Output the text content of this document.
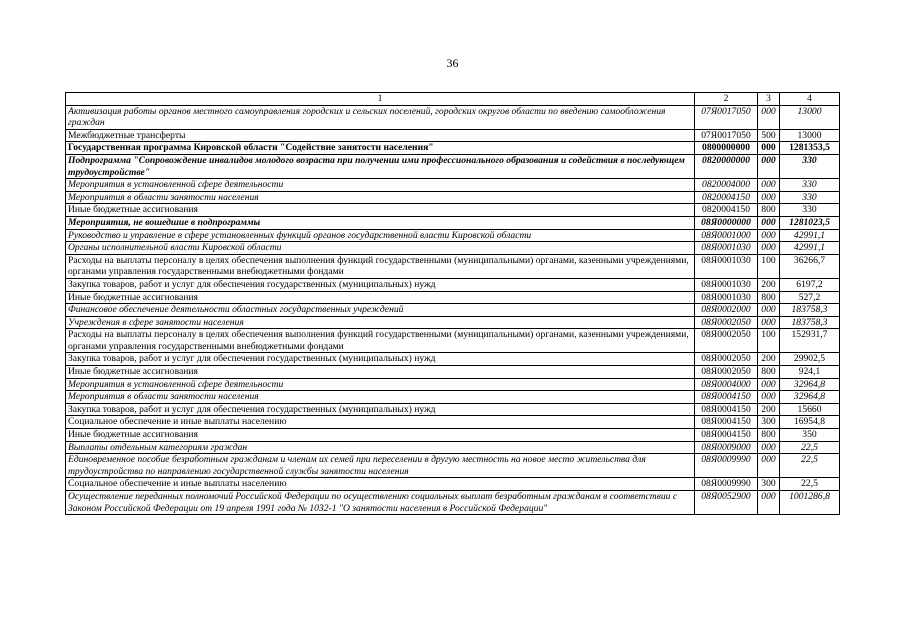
36
1	2	3	4
Активизация работы органов местного самоуправления городских и сельских поселений, городских округов области по введению самообложения граждан	07Я0017050	000	13000
Межбюджетные трансферты	07Я0017050	500	13000
Государственная программа Кировской области "Содействие занятости населения"	0800000000	000	1281353,5
Подпрограмма "Сопровождение инвалидов молодого возраста при получении ими профессионального образования и содействия в последующем трудоустройстве"	0820000000	000	330
Мероприятия в установленной сфере деятельности	0820004000	000	330
Мероприятия в области занятости населения	0820004150	000	330
Иные бюджетные ассигнования	0820004150	800	330
Мероприятия, не вошедшие в подпрограммы	08Я0000000	000	1281023,5
Руководство и управление в сфере установленных функций органов государственной власти Кировской области	08Я0001000	000	42991,1
Органы исполнительной власти Кировской области	08Я0001030	000	42991,1
Расходы на выплаты персоналу в целях обеспечения выполнения функций государственными (муниципальными) органами, казенными учреждениями, органами управления государственными внебюджетными фондами	08Я0001030	100	36266,7
Закупка товаров, работ и услуг для обеспечения государственных (муниципальных) нужд	08Я0001030	200	6197,2
Иные бюджетные ассигнования	08Я0001030	800	527,2
Финансовое обеспечение деятельности областных государственных учреждений	08Я0002000	000	183758,3
Учреждения в сфере занятости населения	08Я0002050	000	183758,3
Расходы на выплаты персоналу в целях обеспечения выполнения функций государственными (муниципальными) органами, казенными учреждениями, органами управления государственными внебюджетными фондами	08Я0002050	100	152931,7
Закупка товаров, работ и услуг для обеспечения государственных (муниципальных) нужд	08Я0002050	200	29902,5
Иные бюджетные ассигнования	08Я0002050	800	924,1
Мероприятия в установленной сфере деятельности	08Я0004000	000	32964,8
Мероприятия в области занятости населения	08Я0004150	000	32964,8
Закупка товаров, работ и услуг для обеспечения государственных (муниципальных) нужд	08Я0004150	200	15660
Социальное обеспечение и иные выплаты населению	08Я0004150	300	16954,8
Иные бюджетные ассигнования	08Я0004150	800	350
Выплаты отдельным категориям граждан	08Я0009000	000	22,5
Единовременное пособие безработным гражданам и членам их семей при переселении в другую местность на новое место жительства для трудоустройства по направлению государственной службы занятости населения	08Я0009990	000	22,5
Социальное обеспечение и иные выплаты населению	08Я0009990	300	22,5
Осуществление переданных полномочий Российской Федерации по осуществлению социальных выплат безработным гражданам в соответствии с Законом Российской Федерации от 19 апреля 1991 года № 1032-1 "О занятости населения в Российской Федерации"	08Я0052900	000	1001286,8
